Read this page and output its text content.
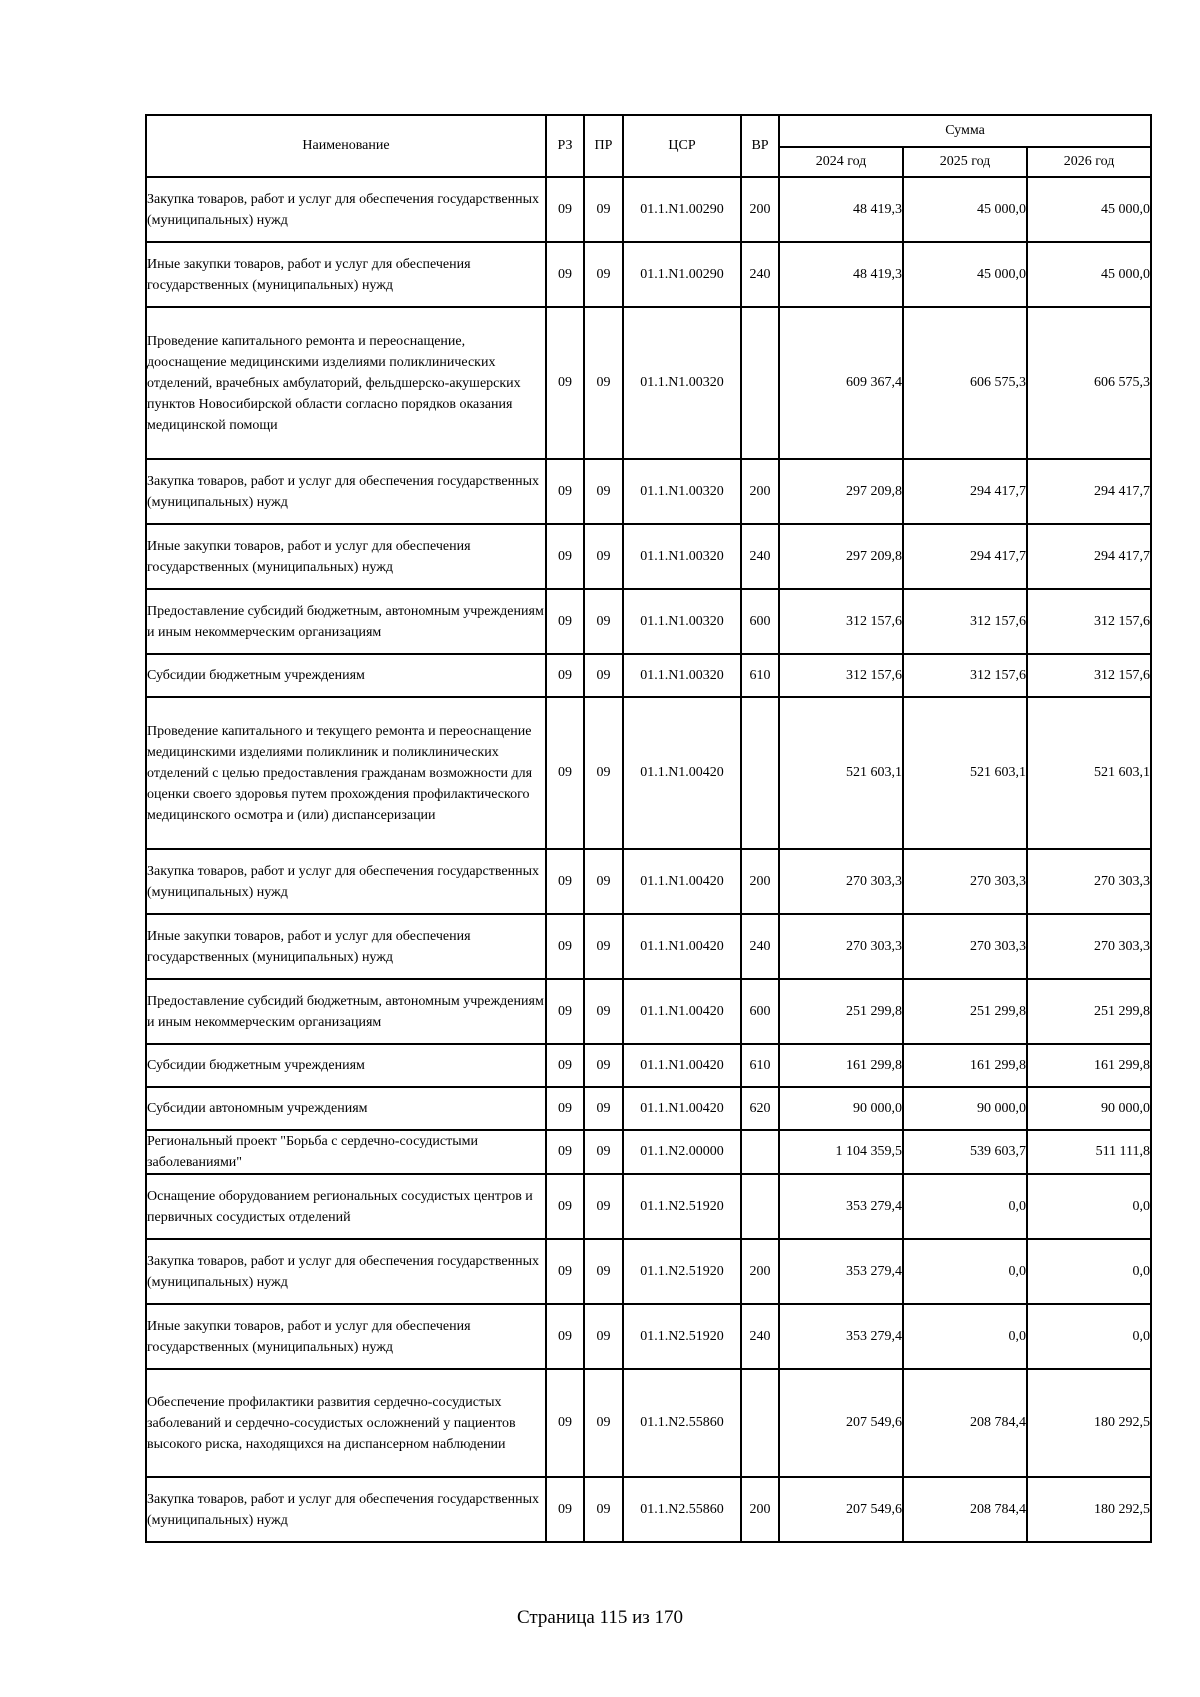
Наименование	РЗ	ПР	ЦСР	ВР	Сумма		
					2024 год	2025 год	2026 год
Закупка товаров, работ и услуг для обеспечения государственных (муниципальных) нужд	09	09	01.1.N1.00290	200	48 419,3	45 000,0	45 000,0
Иные закупки товаров, работ и услуг для обеспечения государственных (муниципальных) нужд	09	09	01.1.N1.00290	240	48 419,3	45 000,0	45 000,0
Проведение капитального ремонта и переоснащение, дооснащение медицинскими изделиями поликлинических отделений, врачебных амбулаторий, фельдшерско-акушерских пунктов Новосибирской области согласно порядков оказания медицинской помощи	09	09	01.1.N1.00320		609 367,4	606 575,3	606 575,3
Закупка товаров, работ и услуг для обеспечения государственных (муниципальных) нужд	09	09	01.1.N1.00320	200	297 209,8	294 417,7	294 417,7
Иные закупки товаров, работ и услуг для обеспечения государственных (муниципальных) нужд	09	09	01.1.N1.00320	240	297 209,8	294 417,7	294 417,7
Предоставление субсидий бюджетным, автономным учреждениям и иным некоммерческим организациям	09	09	01.1.N1.00320	600	312 157,6	312 157,6	312 157,6
Субсидии бюджетным учреждениям	09	09	01.1.N1.00320	610	312 157,6	312 157,6	312 157,6
Проведение капитального и текущего ремонта и переоснащение медицинскими изделиями поликлиник и поликлинических отделений с целью предоставления гражданам возможности для оценки своего здоровья путем прохождения профилактического медицинского осмотра и (или) диспансеризации	09	09	01.1.N1.00420		521 603,1	521 603,1	521 603,1
Закупка товаров, работ и услуг для обеспечения государственных (муниципальных) нужд	09	09	01.1.N1.00420	200	270 303,3	270 303,3	270 303,3
Иные закупки товаров, работ и услуг для обеспечения государственных (муниципальных) нужд	09	09	01.1.N1.00420	240	270 303,3	270 303,3	270 303,3
Предоставление субсидий бюджетным, автономным учреждениям и иным некоммерческим организациям	09	09	01.1.N1.00420	600	251 299,8	251 299,8	251 299,8
Субсидии бюджетным учреждениям	09	09	01.1.N1.00420	610	161 299,8	161 299,8	161 299,8
Субсидии автономным учреждениям	09	09	01.1.N1.00420	620	90 000,0	90 000,0	90 000,0
Региональный проект "Борьба с сердечно-сосудистыми заболеваниями"	09	09	01.1.N2.00000		1 104 359,5	539 603,7	511 111,8
Оснащение оборудованием региональных сосудистых центров и первичных сосудистых отделений	09	09	01.1.N2.51920		353 279,4	0,0	0,0
Закупка товаров, работ и услуг для обеспечения государственных (муниципальных) нужд	09	09	01.1.N2.51920	200	353 279,4	0,0	0,0
Иные закупки товаров, работ и услуг для обеспечения государственных (муниципальных) нужд	09	09	01.1.N2.51920	240	353 279,4	0,0	0,0
Обеспечение профилактики развития сердечно-сосудистых заболеваний и сердечно-сосудистых осложнений у пациентов высокого риска, находящихся на диспансерном наблюдении	09	09	01.1.N2.55860		207 549,6	208 784,4	180 292,5
Закупка товаров, работ и услуг для обеспечения государственных (муниципальных) нужд	09	09	01.1.N2.55860	200	207 549,6	208 784,4	180 292,5
Страница 115 из 170
